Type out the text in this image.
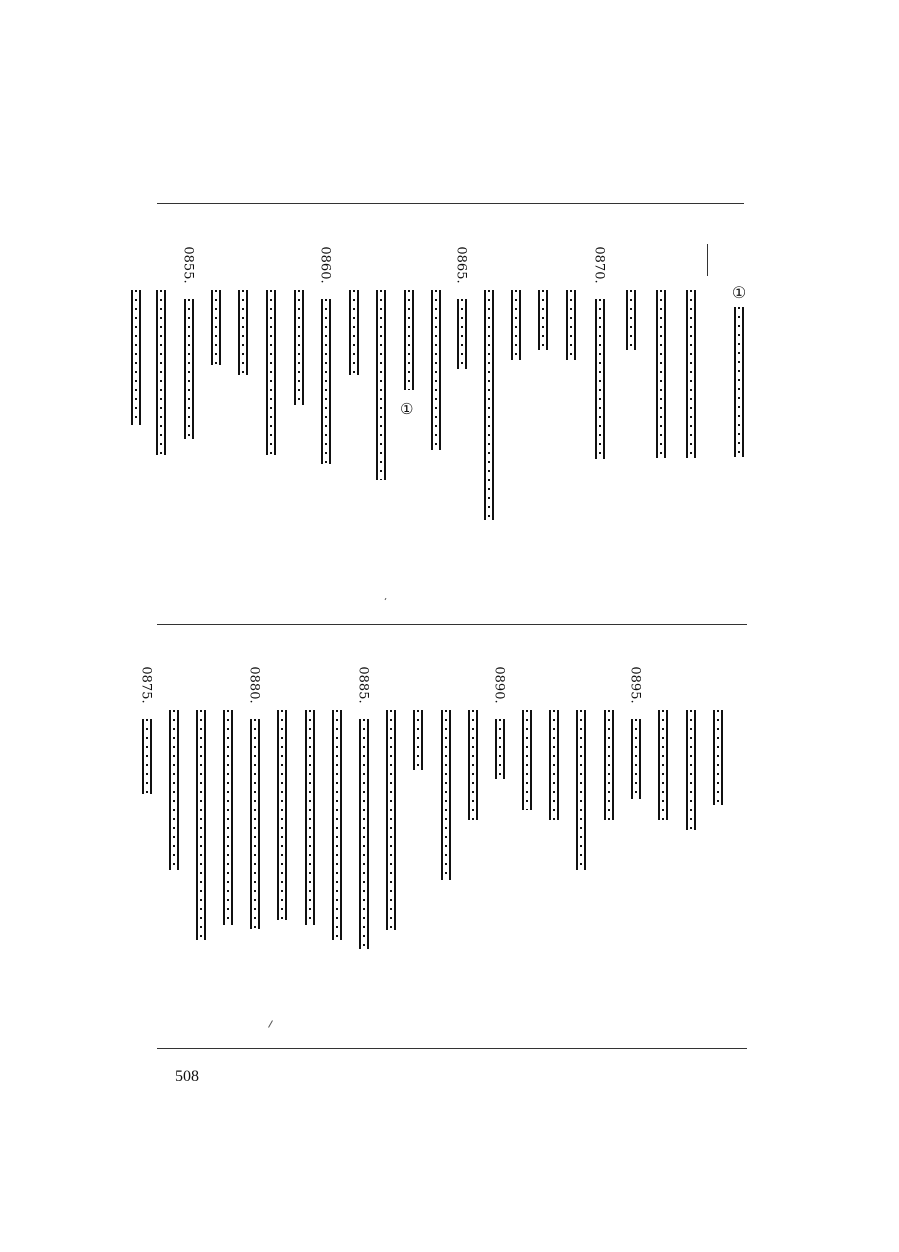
①
0870.
0865.
①
0860.
0855.
0895.
0890.
0885.
0880.
0875.
508
